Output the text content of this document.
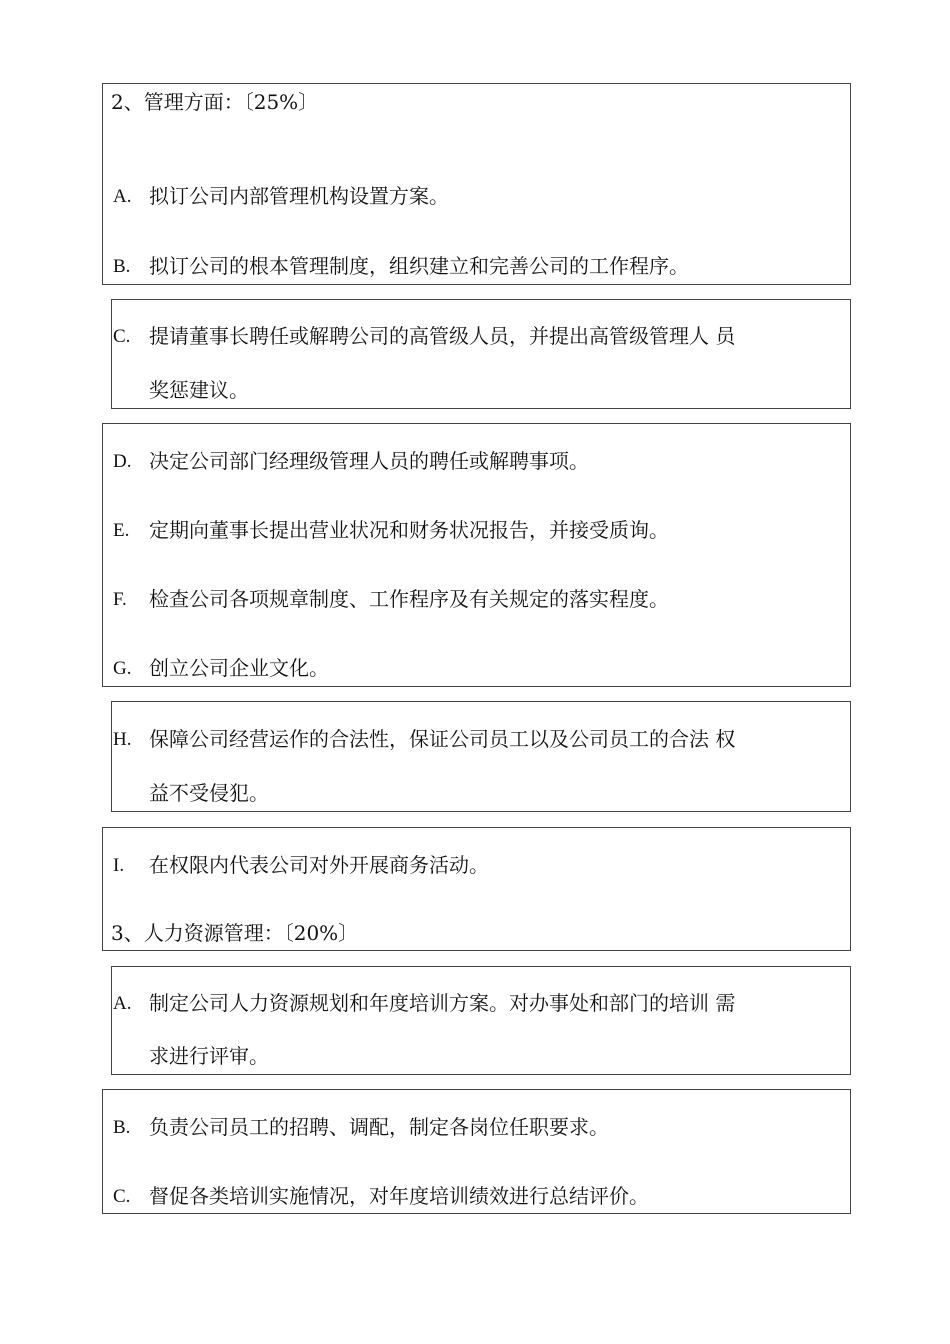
2、管理方面：〔25%〕
A. 拟订公司内部管理机构设置方案。
B. 拟订公司的根本管理制度，组织建立和完善公司的工作程序。
C. 提请董事长聘任或解聘公司的高管级人员，并提出高管级管理人 员
奖惩建议。
D. 决定公司部门经理级管理人员的聘任或解聘事项。
E. 定期向董事长提出营业状况和财务状况报告，并接受质询。
F. 检查公司各项规章制度、工作程序及有关规定的落实程度。
G. 创立公司企业文化。
H. 保障公司经营运作的合法性，保证公司员工以及公司员工的合法 权
益不受侵犯。
I. 在权限内代表公司对外开展商务活动。
3、人力资源管理：〔20%〕
A. 制定公司人力资源规划和年度培训方案。对办事处和部门的培训 需
求进行评审。
B. 负责公司员工的招聘、调配，制定各岗位任职要求。
C. 督促各类培训实施情况，对年度培训绩效进行总结评价。
